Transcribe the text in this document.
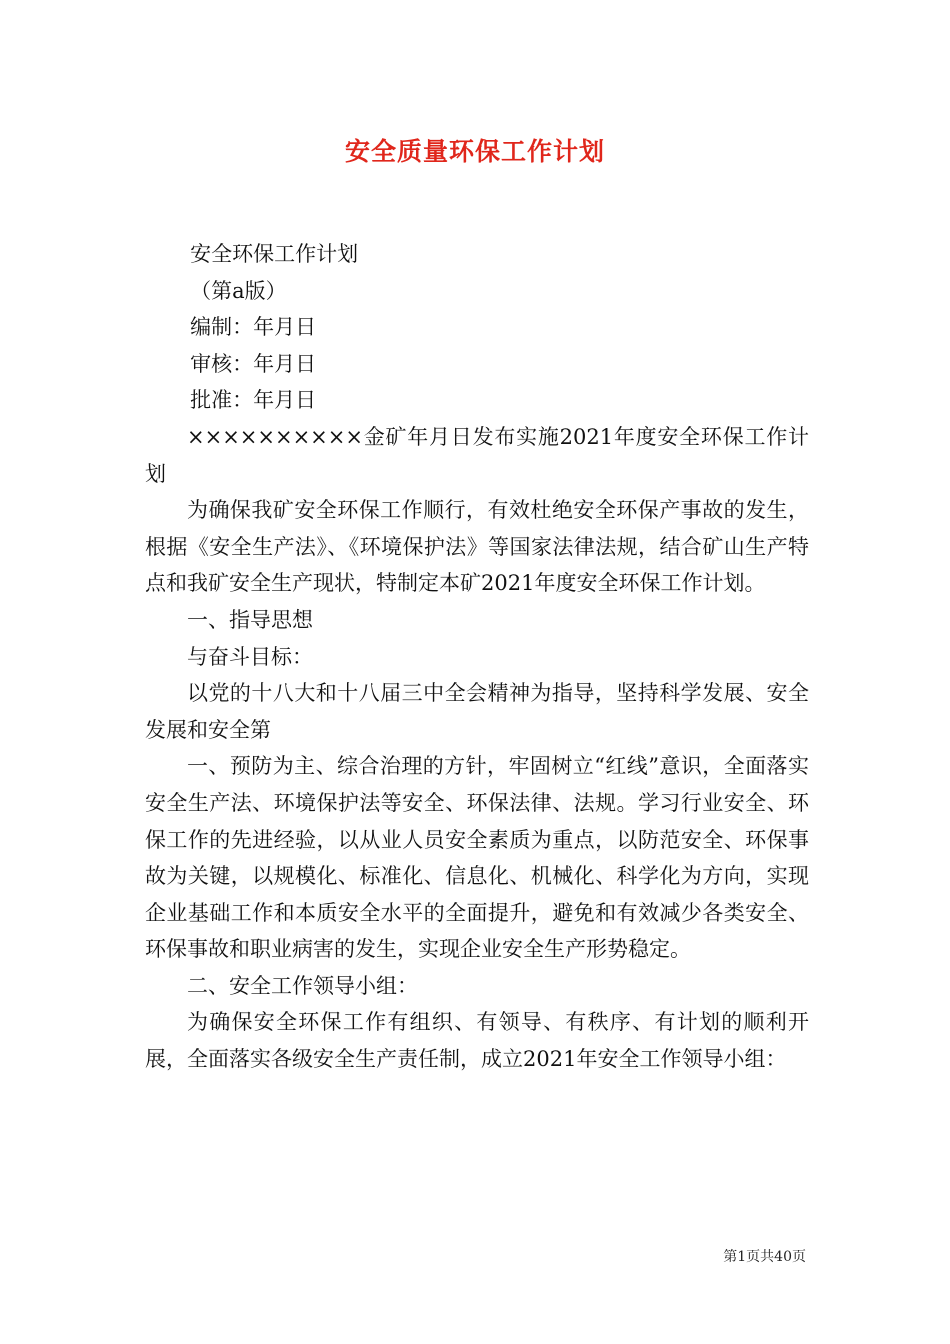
安全质量环保工作计划

安全环保工作计划

（第a版）

编制：年月日

审核：年月日

批准：年月日

××××××××××金矿年月日发布实施2021年度安全环保工作计划

为确保我矿安全环保工作顺行，有效杜绝安全环保产事故的发生，根据《安全生产法》、《环境保护法》等国家法律法规，结合矿山生产特点和我矿安全生产现状，特制定本矿2021年度安全环保工作计划。

一、指导思想

与奋斗目标：

以党的十八大和十八届三中全会精神为指导，坚持科学发展、安全发展和安全第

一、预防为主、综合治理的方针，牢固树立“红线”意识，全面落实安全生产法、环境保护法等安全、环保法律、法规。学习行业安全、环保工作的先进经验，以从业人员安全素质为重点，以防范安全、环保事故为关键，以规模化、标准化、信息化、机械化、科学化为方向，实现企业基础工作和本质安全水平的全面提升，避免和有效减少各类安全、环保事故和职业病害的发生，实现企业安全生产形势稳定。

二、安全工作领导小组：

为确保安全环保工作有组织、有领导、有秩序、有计划的顺利开展，全面落实各级安全生产责任制，成立2021年安全工作领导小组：

第1页共40页
